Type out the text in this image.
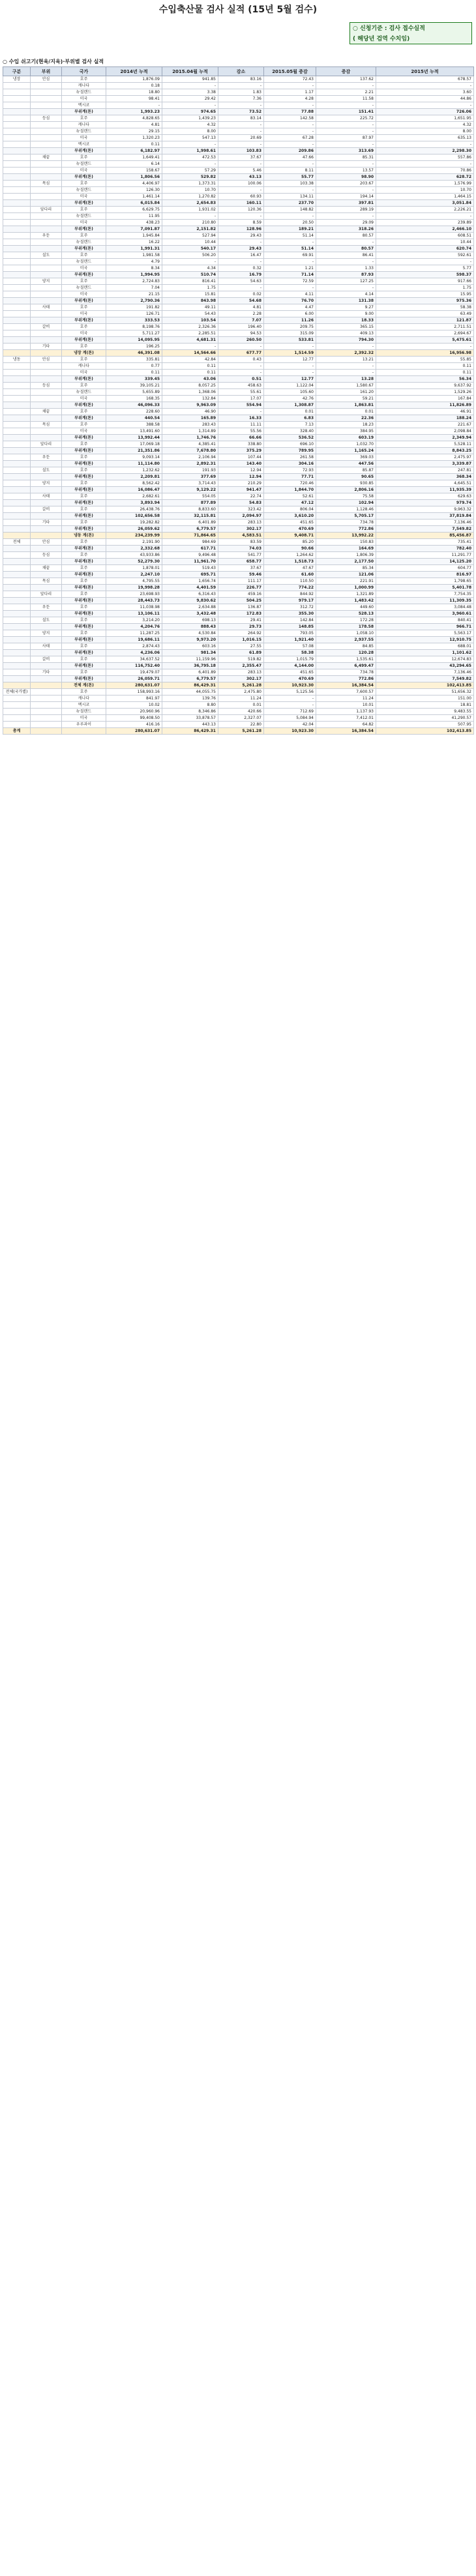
수입축산물 검사 실적 (15년 5월 검수)
○ 신청기준 : 검사 접수실적
( 해당년 검역 수치임)
○ 수입 쉬고기(현육/지육)·부위별 검사 실적
구분	부위	국가	2014년 누적	2015.04월 누적	감소	2015.05월 증감	증감	2015년 누적
냉장	안심	호주	1,876.09	941.85	83.16	72.43	137.62	678.57
		캐나다	0.18	-	-	-	-	-
		뉴질랜드	18.80	3.38	1.83	1.17	2.21	3.60
		미국	98.41	29.42	7.36	4.28	11.58	44.86
		멕시코	-	-	-	-	-	-
		부위계(톤)	1,993.23	974.65	73.52	77.88	151.41	726.06
	등심	호주	4,828.65	1,439.23	83.14	142.58	225.72	1,651.95
		캐나다	4.81	4.32	-	-	-	4.32
		뉴질랜드	29.15	8.00	-	-	-	8.00
		미국	1,320.23	547.13	20.69	67.28	87.97	635.13
		멕시코	0.11	-	-	-	-	-
		부위계(톤)	6,182.97	1,998.61	103.83	209.86	313.69	2,298.30
	채끝	호주	1,649.41	472.53	37.67	47.66	85.31	557.86
		뉴질랜드	6.14	-	-	-	-	-
		미국	158.67	57.29	5.46	8.11	13.57	70.86
		부위계(톤)	1,806.56	529.82	43.13	55.77	98.90	628.72
	목심	호주	4,406.97	1,373.31	100.06	103.38	203.67	1,576.99
		뉴질랜드	126.30	10.70	-	-	-	10.70
		미국	1,461.14	1,270.82	60.93	134.11	194.14	1,464.15
		부위계(톤)	6,015.84	2,654.83	160.11	237.70	397.81	3,051.84
	앞다리	호주	6,629.75	1,931.02	120.36	148.82	289.19	2,226.21
		뉴질랜드	11.95	-	-	-	-	-
		미국	438.23	210.80	8.59	20.50	29.09	239.89
		부위계(톤)	7,091.87	2,151.82	128.96	189.21	318.26	2,466.10
	우둔	호주	1,945.84	527.94	29.43	51.14	80.57	608.51
		뉴질랜드	16.22	10.44	-	-	-	10.44
		부위계(톤)	1,991.31	540.17	29.43	51.14	80.57	620.74
	설도	호주	1,981.58	506.20	16.47	69.91	86.41	592.61
		뉴질랜드	4.79	-	-	-	-	-
		미국	8.34	4.34	0.32	1.21	1.33	5.77
		부위계(톤)	1,994.95	510.74	16.79	71.14	87.93	598.37
	양지	호주	2,724.83	816.41	54.63	72.59	127.25	917.66
		뉴질랜드	7.04	1.75	-	-	-	1.75
		미국	21.15	15.81	0.02	4.11	4.14	15.95
		부위계(톤)	2,790.36	843.98	54.68	76.70	131.38	975.36
	사태	호주	191.82	49.11	4.81	4.47	9.27	58.38
		미국	126.71	54.43	2.28	6.00	9.00	63.49
		부위계(톤)	333.53	103.54	7.07	11.26	18.33	121.87
	갈비	호주	8,198.76	2,326.36	196.40	209.75	365.15	2,711.51
		미국	5,711.27	2,285.51	94.53	315.09	409.13	2,694.67
		부위계(톤)	14,095.95	4,681.31	260.50	533.81	794.30	5,475.61
	기타	호주	196.25	-	-	-	-	-
		냉장 계(톤)	46,391.08	14,564.66	677.77	1,514.59	2,392.32	16,956.98
냉동	안심	호주	335.81	42.84	0.43	12.77	13.21	55.85
		캐나다	0.77	0.11	-	-	-	0.11
		미국	0.11	0.11	-	-	-	0.11
		부위계(톤)	339.45	43.06	0.51	12.77	13.28	56.34
	등심	호주	39,105.21	8,057.25	458.63	1,122.04	1,580.67	9,637.92
		뉴질랜드	5,655.89	1,368.06	55.61	105.60	161.20	1,529.26
		미국	168.35	132.84	17.07	42.76	59.21	167.84
		부위계(톤)	46,096.33	9,963.09	554.94	1,308.87	1,863.81	11,826.89
	채끝	호주	228.60	46.90	-	0.01	0.01	46.91
		부위계(톤)	440.54	165.89	16.33	6.83	22.36	188.24
	목심	호주	388.58	283.43	11.11	7.13	18.23	221.67
		미국	13,491.60	1,314.89	55.56	328.40	384.95	2,098.84
		부위계(톤)	13,992.44	1,746.76	66.66	536.52	603.19	2,349.94
	앞다리	호주	17,069.18	4,385.41	338.80	696.10	1,032.70	5,528.11
		부위계(톤)	21,351.86	7,678.80	375.29	789.95	1,165.24	8,843.25
	우둔	호주	9,093.14	2,106.94	107.44	261.58	369.03	2,475.97
		부위계(톤)	11,114.80	2,892.31	143.40	304.16	447.56	3,339.87
	설도	호주	1,232.62	191.93	12.94	72.93	85.87	247.81
		부위계(톤)	2,209.81	377.69	12.94	77.71	90.65	368.34
	양지	호주	8,562.42	3,714.43	210.29	720.46	930.85	4,645.51
		부위계(톤)	16,086.47	9,129.22	941.47	1,844.70	2,806.16	11,935.39
	사태	호주	2,682.61	554.05	22.74	52.61	75.58	629.63
		부위계(톤)	3,893.94	877.89	54.83	47.12	102.94	979.74
	갈비	호주	26,438.76	8,833.60	323.42	806.04	1,128.46	9,963.32
		부위계(톤)	102,656.58	32,115.81	2,094.97	3,610.20	5,705.17	37,819.84
	기타	호주	19,282.82	6,401.89	283.13	451.65	734.78	7,136.46
		부위계(톤)	26,059.62	6,779.57	302.17	470.69	772.86	7,549.82
		냉동 계(톤)	234,239.99	71,864.65	4,583.51	9,408.71	13,992.22	85,456.87
전체	안심	호주	2,191.90	984.69	83.59	85.20	150.83	735.41
		부위계(톤)	2,332.68	617.71	74.03	90.66	164.69	782.40
	등심	호주	43,933.86	9,496.48	541.77	1,264.62	1,806.39	11,291.77
		부위계(톤)	52,279.30	11,961.70	658.77	1,518.73	2,177.50	14,125.20
	채끝	호주	1,878.01	519.43	37.67	47.67	85.34	604.77
		부위계(톤)	2,247.10	695.71	59.46	61.60	121.06	816.97
	목심	호주	4,795.55	1,656.74	111.17	110.50	221.91	1,798.65
		부위계(톤)	19,998.28	4,401.59	226.77	774.22	1,000.99	5,401.78
	앞다리	호주	23,698.93	6,316.43	459.16	844.92	1,321.89	7,754.35
		부위계(톤)	28,443.73	9,830.62	504.25	979.17	1,483.42	11,309.35
	우둔	호주	11,038.98	2,634.88	136.87	312.72	449.60	3,084.48
		부위계(톤)	13,106.11	3,432.48	172.83	355.30	528.13	3,960.61
	설도	호주	3,214.20	698.13	29.41	142.84	172.28	840.41
		부위계(톤)	4,204.76	888.43	29.73	148.85	178.58	966.71
	양지	호주	11,287.25	4,530.84	264.92	793.05	1,058.10	5,563.17
		부위계(톤)	19,686.11	9,973.20	1,016.15	1,921.40	2,937.55	12,910.75
	사태	호주	2,874.43	603.16	27.55	57.08	84.85	688.01
		부위계(톤)	4,236.06	981.34	61.89	58.38	120.28	1,101.62
	갈비	호주	34,637.52	11,159.96	519.82	1,015.79	1,535.61	12,674.83
		부위계(톤)	116,752.40	36,795.18	2,355.47	4,144.00	6,499.47	43,294.65
	기타	호주	19,479.07	6,401.89	283.13	451.65	734.78	7,136.46
		부위계(톤)	26,059.71	6,779.57	302.17	470.69	772.86	7,549.82
		전체 계(톤)	280,631.07	86,429.31	5,261.28	10,923.30	16,384.54	102,413.85
전체(국가별)		호주	158,993.16	44,055.75	2,475.80	5,125.56	7,600.57	51,656.32
		캐나다	841.97	139.76	11.24	-	11.24	151.00
		멕시코	10.02	8.80	0.01	-	10.01	18.81
		뉴질랜드	20,960.96	8,346.86	420.66	712.69	1,137.93	9,483.55
		미국	99,408.50	33,878.57	2,327.07	5,084.94	7,412.01	41,290.57
		우루과이	416.16	443.13	22.80	42.04	64.82	507.95
총계			280,631.07	86,429.31	5,261.28	10,923.30	16,384.54	102,413.85
